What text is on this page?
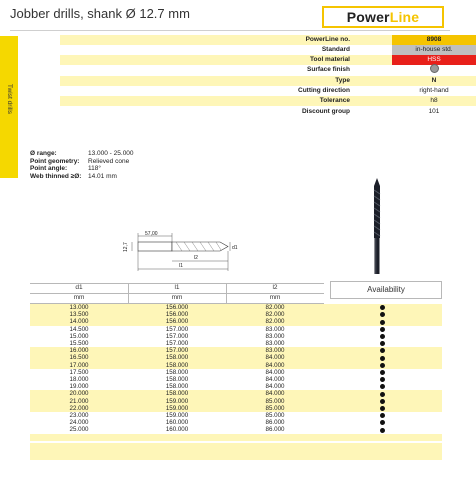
Jobber drills, shank Ø 12.7 mm	PowerLine
Twist drills
PowerLine no.	8908
Standard	in-house std.
Tool material	HSS
Surface finish
Type	N
Cutting direction	right-hand
Tolerance	h8
Discount group	101
Ø range:	13.000 - 25.000
Point geometry:	Relieved cone
Point angle:	118°
Web thinned ≥Ø:	14.01 mm
57,00
12,7	d1
l2
l1
d1	l1	l2
mm	mm	mm
Availability
13.000	156.000	82.000
13.500	156.000	82.000
14.000	156.000	82.000
14.500	157.000	83.000
15.000	157.000	83.000
15.500	157.000	83.000
16.000	157.000	83.000
16.500	158.000	84.000
17.000	158.000	84.000
17.500	158.000	84.000
18.000	158.000	84.000
19.000	158.000	84.000
20.000	158.000	84.000
21.000	159.000	85.000
22.000	159.000	85.000
23.000	159.000	85.000
24.000	160.000	86.000
25.000	160.000	86.000
